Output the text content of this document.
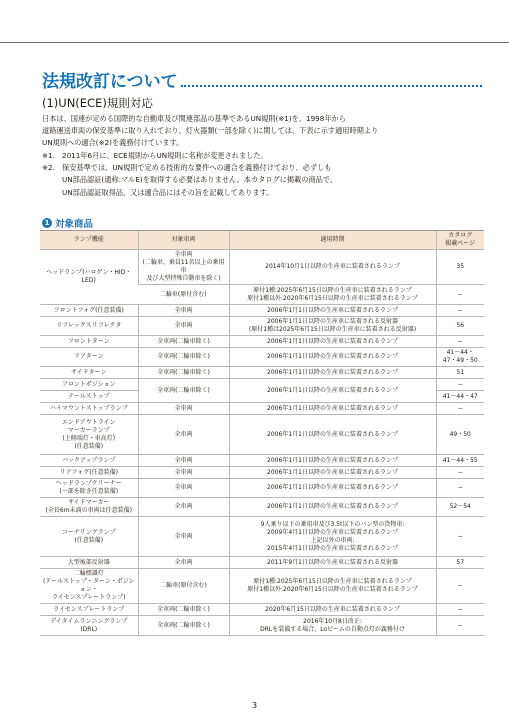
法規改訂について
(1)UN(ECE)規則対応

日本は、国連が定める国際的な自動車及び関連部品の基準であるUN規則(※1)を、1998年から

道路運送車両の保安基準に取り入れており、灯火器類(一部を除く)に関しては、下表に示す適用時期より

UN規則への適合(※2)を義務付けています。

※1. 2011年6月に、ECE規則からUN規則に名称が変更されました。

※2. 保安基準では、UN規則で定める技術的な要件への適合を義務付けており、必ずしも

UN部品認証(通称:マルE)を取得する必要はありません。本カタログに掲載の商品で、

UN部品認証取得品、又は適合品にはその旨を記載してあります。

1 対象商品
ランプ機能	対象車両	適用時期	カタログ
掲載ページ
ヘッドランプ(ハロゲン・HID・LED)	全車両
(二輪車、乗員11名以上の乗用車
及び大型特殊自動車を除く)	2014年10月1日以降の生産車に装着されるランプ	35
	二輪車(原付含む)	原付1種:2025年6月15日以降の生産車に装着されるランプ
原付1種以外:2020年6月15日以降の生産車に装着されるランプ	−
フロントフォグ(任意装備)	全車両	2006年1月1日以降の生産車に装着されるランプ	−
リフレックスリフレクタ	全車両	2006年1月1日以降の生産車に装着される反射器
(原付1種は2025年6月15日以降の生産車に装着される反射器)	56
フロントターン	全車両(二輪車除く)	2006年1月1日以降の生産車に装着されるランプ	−
リアターン	全車両(二輪車除く)	2006年1月1日以降の生産車に装着されるランプ	41〜44・
47・49・50
サイドターン	全車両(二輪車除く)	2006年1月1日以降の生産車に装着されるランプ	51
フロントポジション	全車両(二輪車除く)	2006年1月1日以降の生産車に装着されるランプ	−
テールストップ			41〜44・47
ハイマウントストップランプ	全車両	2006年1月1日以降の生産車に装着されるランプ	−
エンドアウトライン
マーカーランプ
(上側端灯・車高灯)
(任意装備)	全車両	2006年1月1日以降の生産車に装着されるランプ	49・50
バックアップランプ	全車両	2006年1月1日以降の生産車に装着されるランプ	41〜44・55
リアフォグ(任意装備)	全車両	2006年1月1日以降の生産車に装着されるランプ	−
ヘッドランプクリーナー
(一部を除き任意装備)	全車両	2006年1月1日以降の生産車に装着されるランプ	−
サイドマーカー
(全長6m未満の車両は任意装備)	全車両	2006年1月1日以降の生産車に装着されるランプ	52〜54
コーナリングランプ
(任意装備)	全車両	9人乗り以下の乗用車及び3.5t以下のバン型の貨物車:
2009年4月1日以降の生産車に装着されるランプ
上記以外の車両:
2015年4月1日以降の生産車に装着されるランプ	−
大型後部反射器	全車両	2011年9月1日以降の生産車に装着される反射器	57
二輪標識灯
(テールストップ・ターン・ポジション・
ライセンスプレートランプ)	二輪車(原付含む)	原付1種:2025年6月15日以降の生産車に装着されるランプ
原付1種以外:2020年6月15日以降の生産車に装着されるランプ	−
ライセンスプレートランプ	全車両(二輪車除く)	2020年6月15日以降の生産車に装着されるランプ	−
デイタイムランニングランプ
(DRL)	全車両(二輪車除く)	2016年10月8日改正:
DRLを装備する場合、Loビームの自動点灯が義務付け	−
3
